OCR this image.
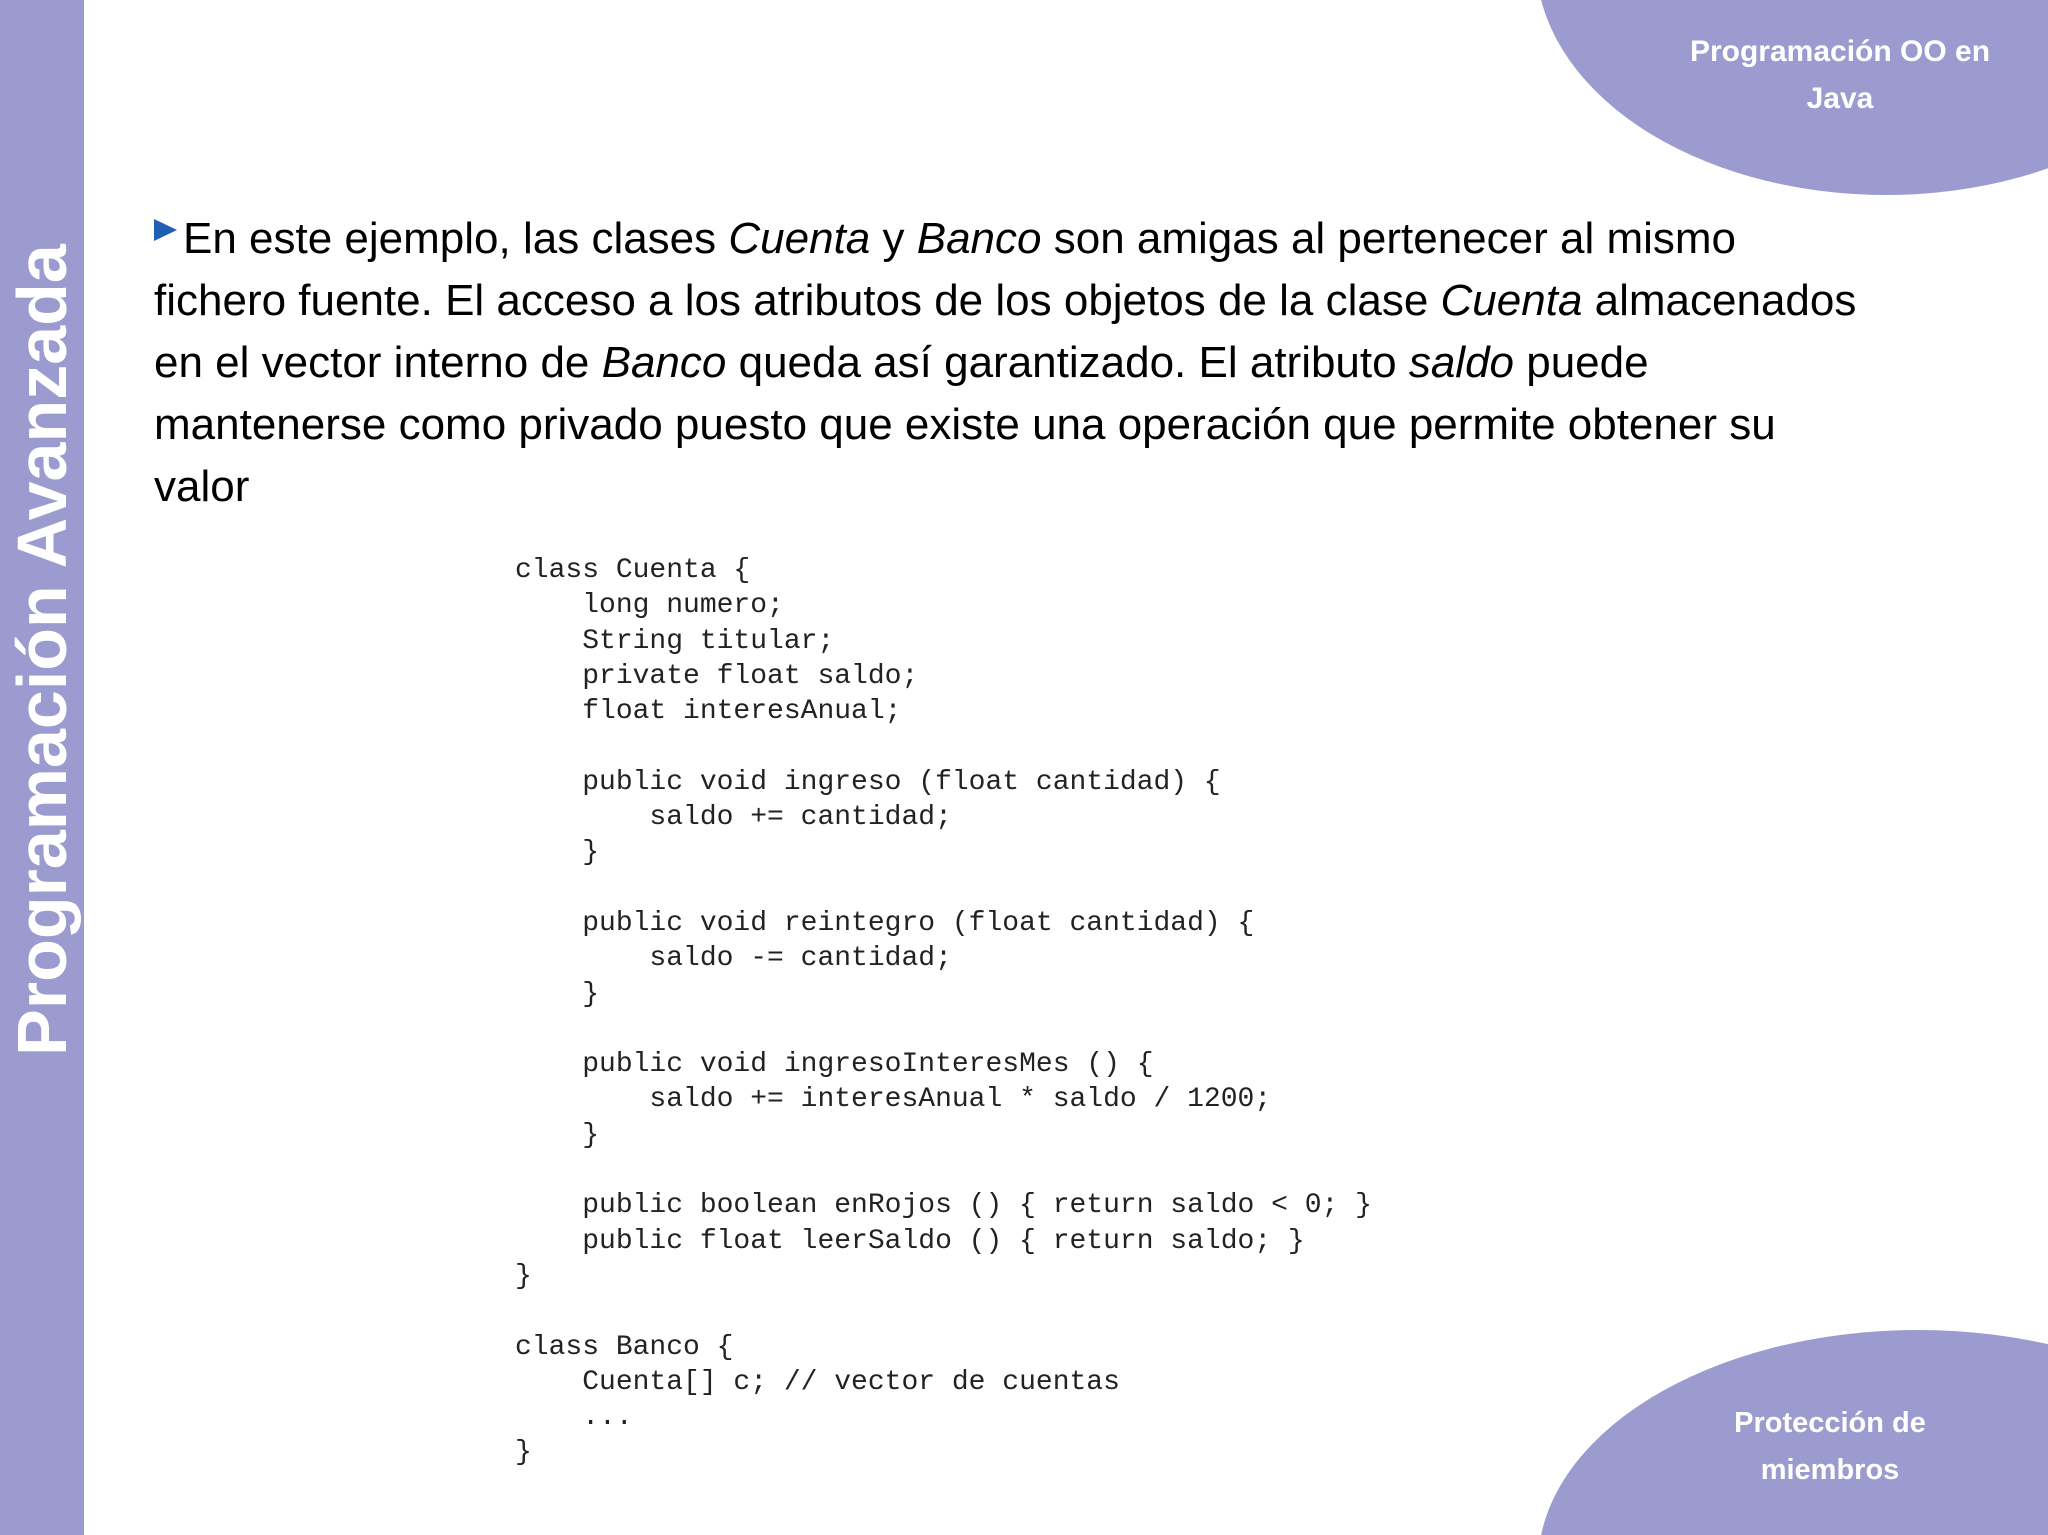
Programación Avanzada
Programación OO en
Java
Protección de
miembros
En este ejemplo, las clases Cuenta y Banco son amigas al pertenecer al mismo fichero fuente. El acceso a los atributos de los objetos de la clase Cuenta almacenados en el vector interno de Banco queda así garantizado. El atributo saldo puede mantenerse como privado puesto que existe una operación que permite obtener su valor
class Cuenta {
long numero;
String titular;
private float saldo;
float interesAnual;

public void ingreso (float cantidad) {
saldo += cantidad;
}

public void reintegro (float cantidad) {
saldo -= cantidad;
}

public void ingresoInteresMes () {
saldo += interesAnual * saldo / 1200;
}

public boolean enRojos () { return saldo < 0; }
public float leerSaldo () { return saldo; }
}

class Banco {
Cuenta[] c; // vector de cuentas
...
}
